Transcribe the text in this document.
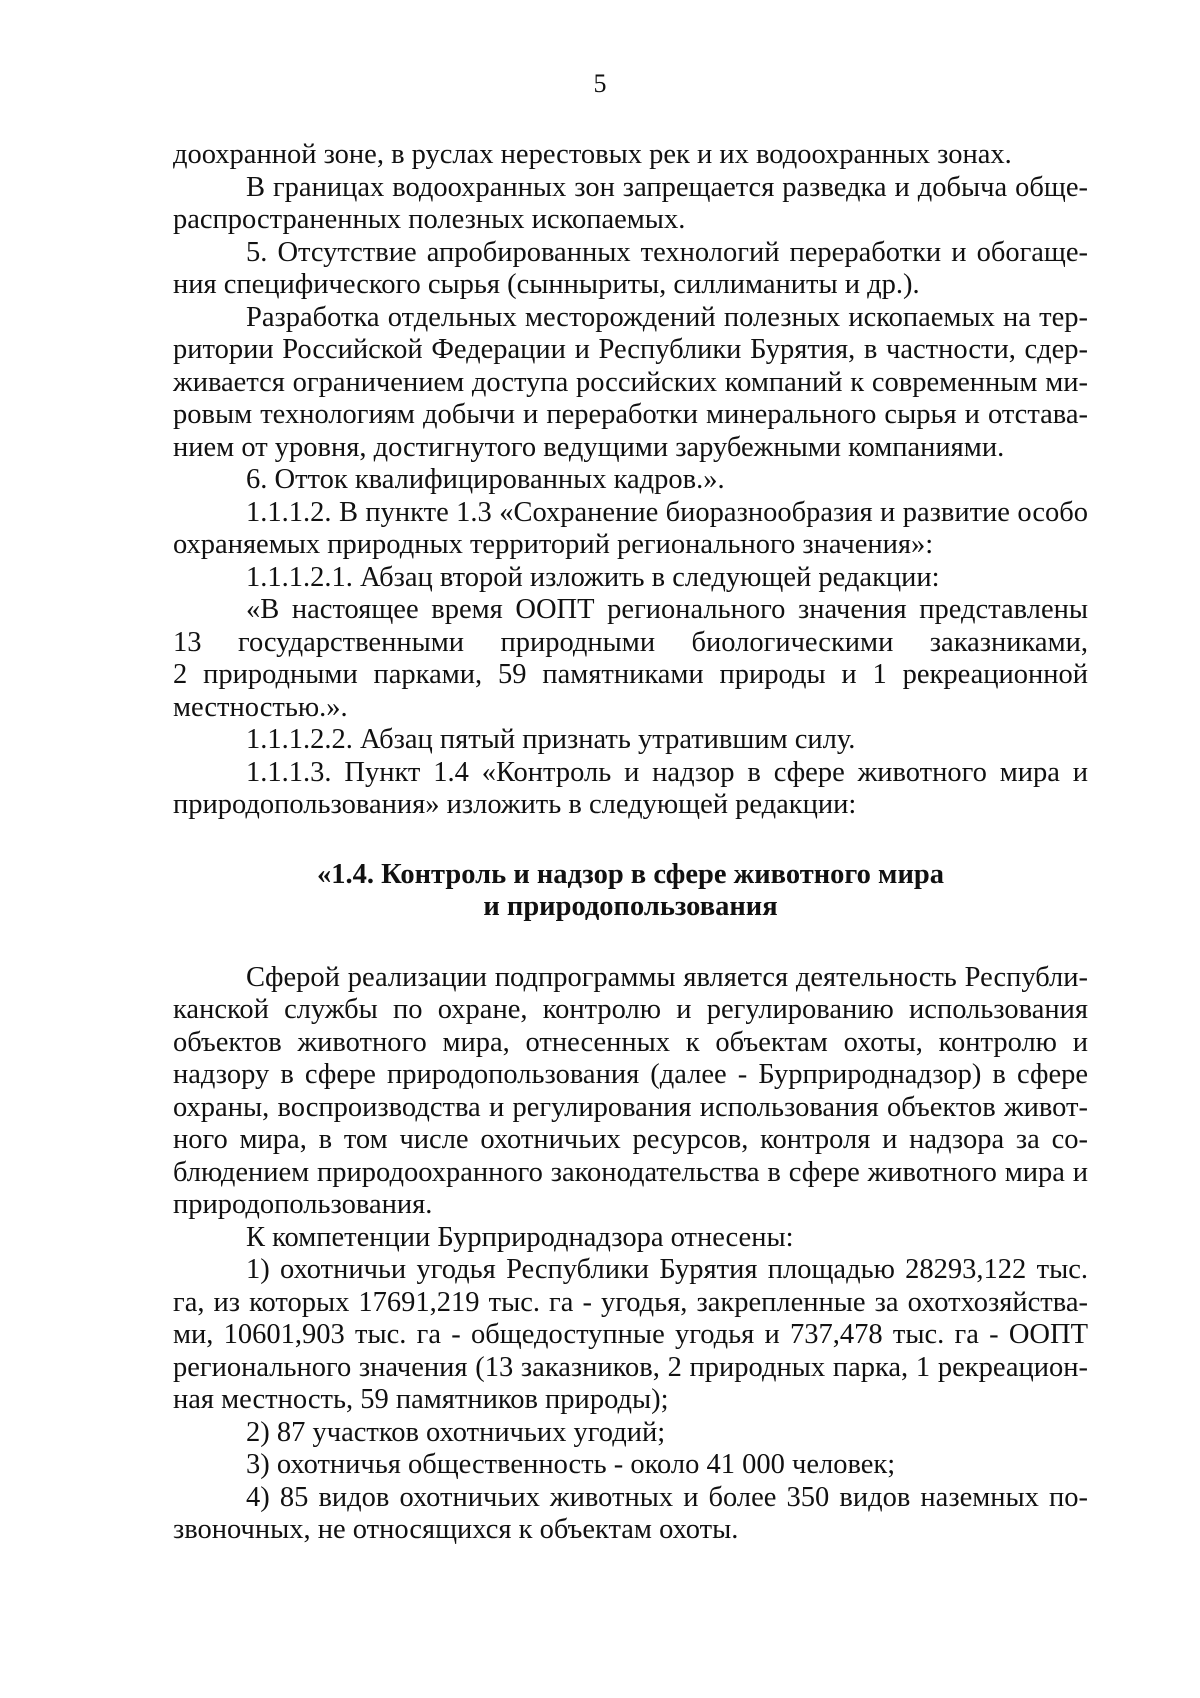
5
доохранной зоне, в руслах нерестовых рек и их водоохранных зонах.
В границах водоохранных зон запрещается разведка и добыча обще-
распространенных полезных ископаемых.
5. Отсутствие апробированных технологий переработки и обогаще-
ния специфического сырья (сынныриты, силлиманиты и др.).
Разработка отдельных месторождений полезных ископаемых на тер-
ритории Российской Федерации и Республики Бурятия, в частности, сдер-
живается ограничением доступа российских компаний к современным ми-
ровым технологиям добычи и переработки минерального сырья и отстава-
нием от уровня, достигнутого ведущими зарубежными компаниями.
6. Отток квалифицированных кадров.».
1.1.1.2. В пункте 1.3 «Сохранение биоразнообразия и развитие особо
охраняемых природных территорий регионального значения»:
1.1.1.2.1. Абзац второй изложить в следующей редакции:
«В настоящее время ООПТ регионального значения представлены
13 государственными природными биологическими заказниками,
2 природными парками, 59 памятниками природы и 1 рекреационной
местностью.».
1.1.1.2.2. Абзац пятый признать утратившим силу.
1.1.1.3. Пункт 1.4 «Контроль и надзор в сфере животного мира и
природопользования» изложить в следующей редакции:
«1.4. Контроль и надзор в сфере животного мира
и природопользования
Сферой реализации подпрограммы является деятельность Республи-
канской службы по охране, контролю и регулированию использования
объектов животного мира, отнесенных к объектам охоты, контролю и
надзору в сфере природопользования (далее - Бурприроднадзор) в сфере
охраны, воспроизводства и регулирования использования объектов живот-
ного мира, в том числе охотничьих ресурсов, контроля и надзора за со-
блюдением природоохранного законодательства в сфере животного мира и
природопользования.
К компетенции Бурприроднадзора отнесены:
1) охотничьи угодья Республики Бурятия площадью 28293,122 тыс.
га, из которых 17691,219 тыс. га - угодья, закрепленные за охотхозяйства-
ми, 10601,903 тыс. га - общедоступные угодья и 737,478 тыс. га - ООПТ
регионального значения (13 заказников, 2 природных парка, 1 рекреацион-
ная местность, 59 памятников природы);
2) 87 участков охотничьих угодий;
3) охотничья общественность - около 41 000 человек;
4) 85 видов охотничьих животных и более 350 видов наземных по-
звоночных, не относящихся к объектам охоты.
